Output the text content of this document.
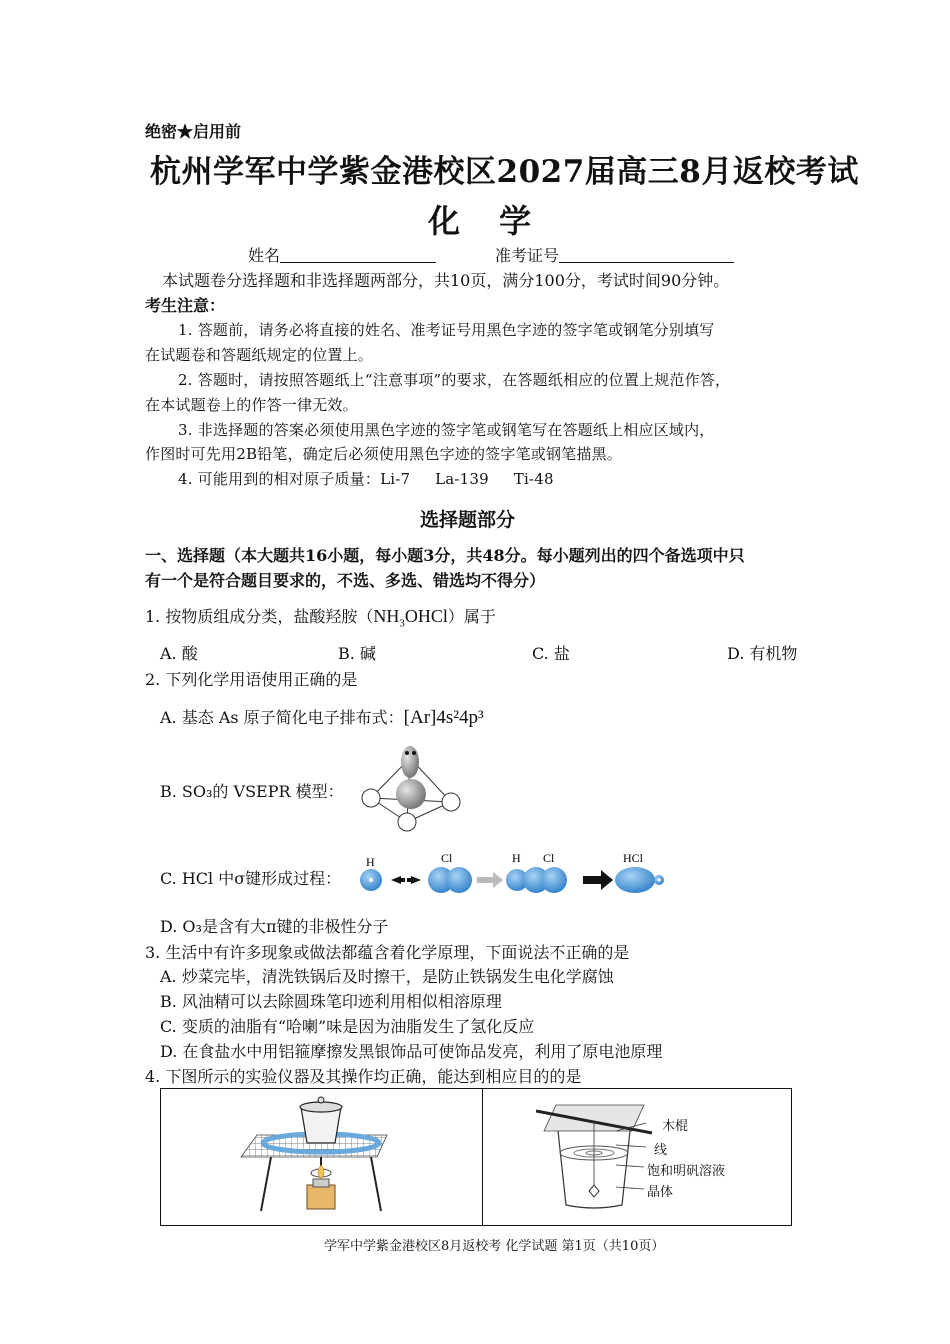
绝密★启用前
杭州学军中学紫金港校区2027届高三8月返校考试
化 学
姓名	准考证号
本试题卷分选择题和非选择题两部分，共10页，满分100分，考试时间90分钟。
考生注意：
1. 答题前，请务必将直接的姓名、准考证号用黑色字迹的签字笔或钢笔分别填写
在试题卷和答题纸规定的位置上。
2. 答题时，请按照答题纸上“注意事项”的要求，在答题纸相应的位置上规范作答，
在本试题卷上的作答一律无效。
3. 非选择题的答案必须使用黑色字迹的签字笔或钢笔写在答题纸上相应区域内，
作图时可先用2B铅笔，确定后必须使用黑色字迹的签字笔或钢笔描黑。
4. 可能用到的相对原子质量：Li-7     La-139     Ti-48
选择题部分
一、选择题（本大题共16小题，每小题3分，共48分。每小题列出的四个备选项中只
有一个是符合题目要求的，不选、多选、错选均不得分）
1. 按物质组成分类，盐酸羟胺$(NH_3OHCl)$属于
A. 酸	B. 碱	C. 盐	D. 有机物
2. 下列化学用语使用正确的是
A. 基态 As 原子简化电子排布式：[Ar]4s²4p³
B. SO₃的 VSEPR 模型：
C. HCl 中σ键形成过程：
H	Cl	H Cl	HCl
D. O₃是含有大π键的非极性分子
3. 生活中有许多现象或做法都蕴含着化学原理，下面说法不正确的是
A. 炒菜完毕，清洗铁锅后及时擦干，是防止铁锅发生电化学腐蚀
B. 风油精可以去除圆珠笔印迹利用相似相溶原理
C. 变质的油脂有“哈喇”味是因为油脂发生了氢化反应
D. 在食盐水中用铝箍摩擦发黑银饰品可使饰品发亮，利用了原电池原理
4. 下图所示的实验仪器及其操作均正确，能达到相应目的的是
木棍
线
饱和明矾溶液
晶体
学军中学紫金港校区8月返校考 化学试题 第1页（共10页）
